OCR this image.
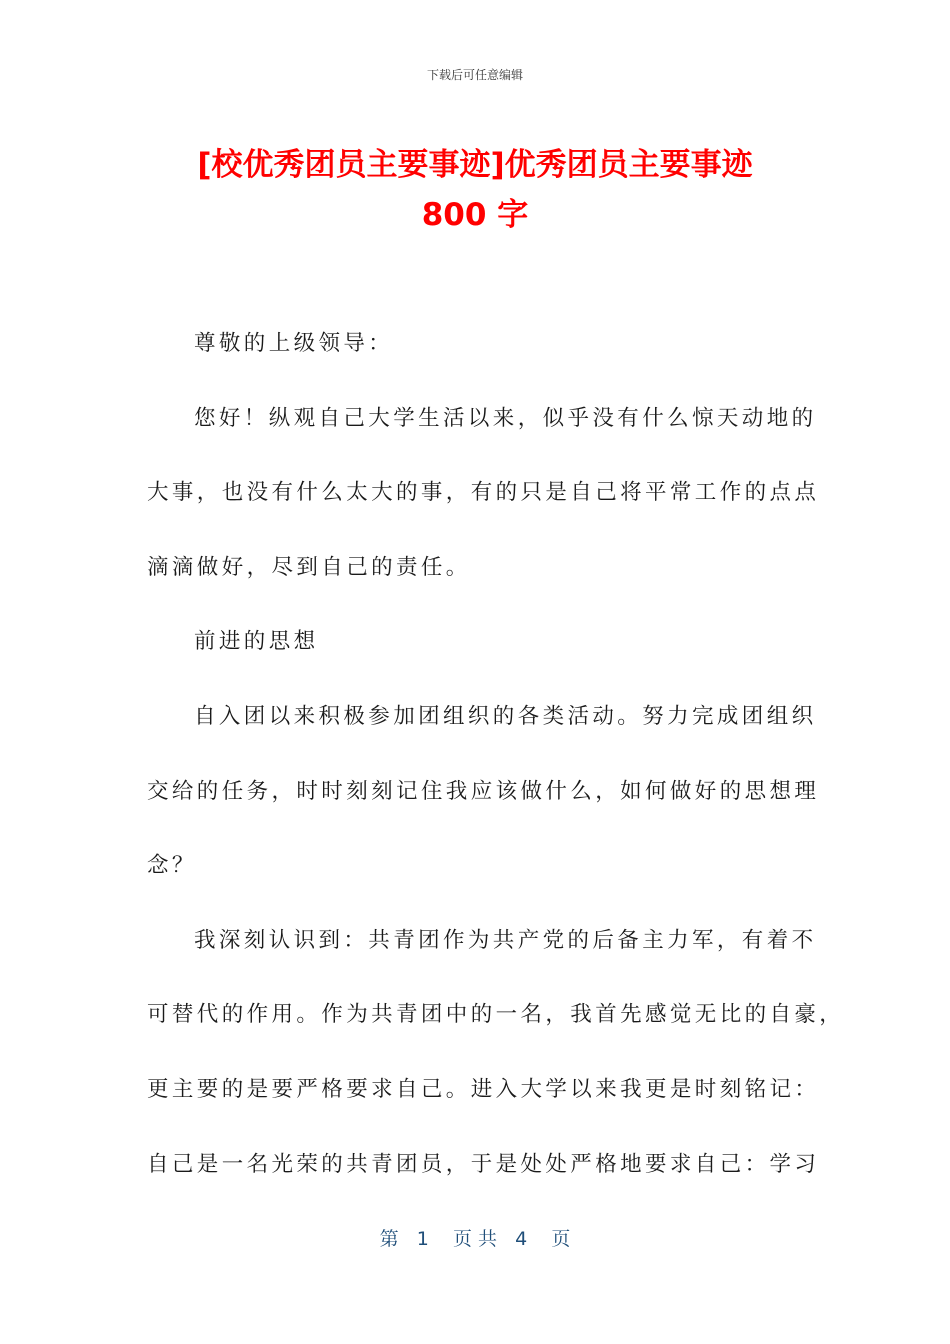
下载后可任意编辑
[校优秀团员主要事迹]优秀团员主要事迹
800 字
尊敬的上级领导：
您好！纵观自己大学生活以来，似乎没有什么惊天动地的
大事，也没有什么太大的事，有的只是自己将平常工作的点点
滴滴做好，尽到自己的责任。
前进的思想
自入团以来积极参加团组织的各类活动。努力完成团组织
交给的任务，时时刻刻记住我应该做什么，如何做好的思想理
念？
我深刻认识到：共青团作为共产党的后备主力军，有着不
可替代的作用。作为共青团中的一名，我首先感觉无比的自豪，
更主要的是要严格要求自己。进入大学以来我更是时刻铭记：
自己是一名光荣的共青团员，于是处处严格地要求自己：学习
第   1    页 共   4    页
